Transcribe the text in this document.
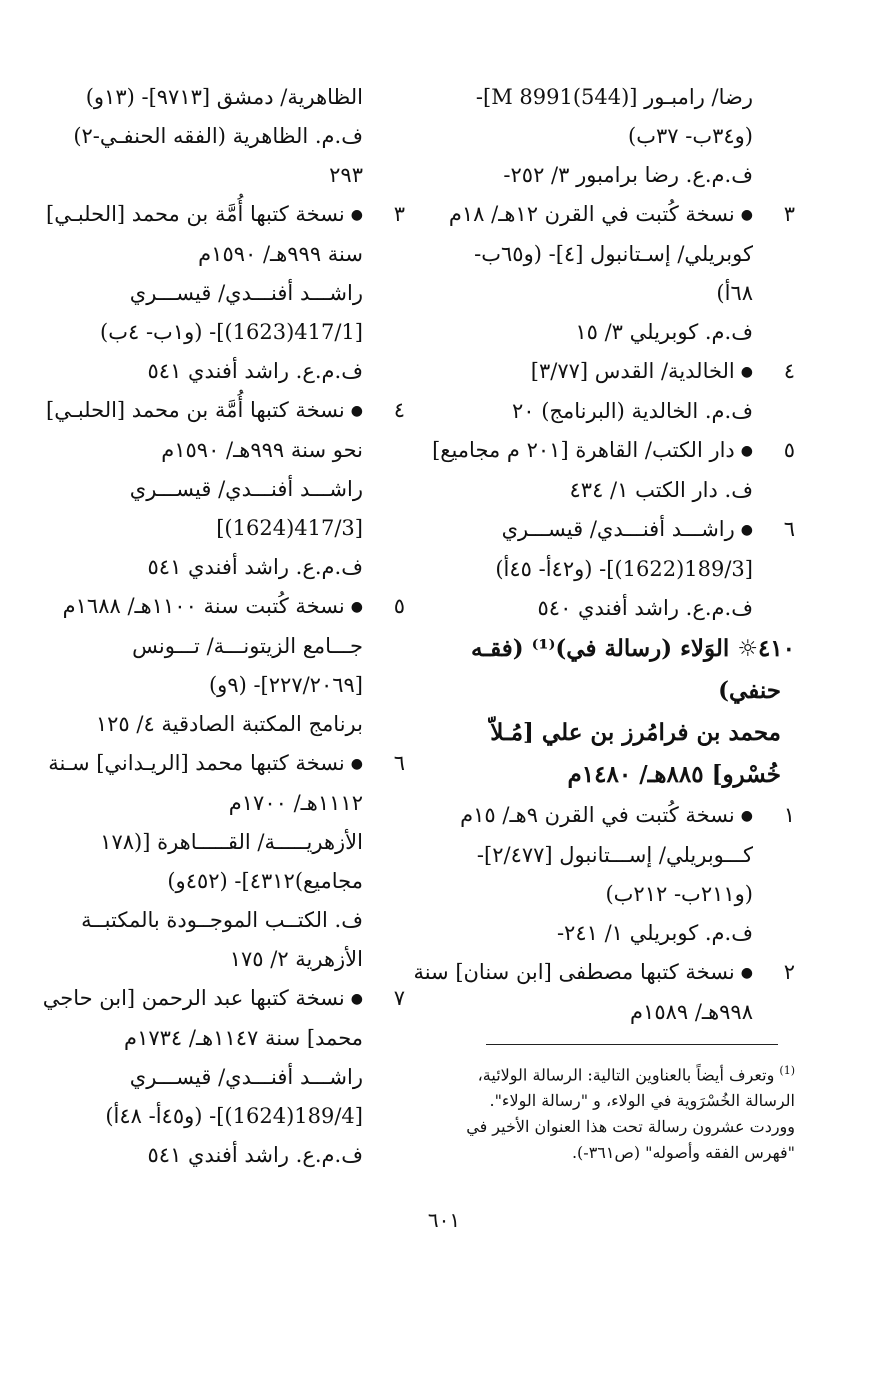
رضا/ رامبـور [M 8991(544)]-
(و٣٤ب- ٣٧ب)
ف.م.ع. رضا برامبور ٣/ ٢٥٢-
٣●نسخة كُتبت في القرن ١٢هـ/ ١٨م
كوبريلي/ إسـتانبول [٤]- (و٦٥ب-
٦٨أ)
ف.م. كوبريلي ٣/ ١٥
٤●الخالدية/ القدس [٣/٧٧]
ف.م. الخالدية (البرنامج) ٢٠
٥●دار الكتب/ القاهرة [٢٠١ م مجاميع]
ف. دار الكتب ١/ ٤٣٤
٦●راشـــد أفنـــدي/ قيســـري
[189/3(1622)]- (و٤٢أ- ٤٥أ)
ف.م.ع. راشد أفندي ٥٤٠
٤١٠☼ الوَلاء (رسالة في)⁽¹⁾ (فقـه
حنفي)
محمد بن فرامُرز بن علي [مُـلاّ
خُسْرو] ٨٨٥هـ/ ١٤٨٠م
١●نسخة كُتبت في القرن ٩هـ/ ١٥م
كـــوبريلي/ إســـتانبول [٢/٤٧٧]-
(و٢١١ب- ٢١٢ب)
ف.م. كوبريلي ١/ ٢٤١-
٢●نسخة كتبها مصطفى [ابن سنان] سنة
٩٩٨هـ/ ١٥٨٩م
الظاهرية/ دمشق [٩٧١٣]- (١٣و)
ف.م. الظاهرية (الفقه الحنفـي-٢)
٢٩٣
٣●نسخة كتبها أُمَّة بن محمد [الحلبـي]
سنة ٩٩٩هـ/ ١٥٩٠م
راشـــد أفنـــدي/ قيســـري
[417/1(1623)]- (و١ب- ٤ب)
ف.م.ع. راشد أفندي ٥٤١
٤●نسخة كتبها أُمَّة بن محمد [الحلبـي]
نحو سنة ٩٩٩هـ/ ١٥٩٠م
راشـــد أفنـــدي/ قيســـري
[417/3(1624)]
ف.م.ع. راشد أفندي ٥٤١
٥●نسخة كُتبت سنة ١١٠٠هـ/ ١٦٨٨م
جـــامع الزيتونـــة/ تـــونس
[٢٢٧/٢٠٦٩]- (٩و)
برنامج المكتبة الصادقية ٤/ ١٢٥
٦●نسخة كتبها محمد [الريـداني] سـنة
١١١٢هـ/ ١٧٠٠م
الأزهريـــــة/ القـــــاهرة [(١٧٨
مجاميع)٤٣١٢]- (٤٥٢و)
ف. الكتــب الموجــودة بالمكتبــة
الأزهرية ٢/ ١٧٥
٧●نسخة كتبها عبد الرحمن [ابن حاجي
محمد] سنة ١١٤٧هـ/ ١٧٣٤م
راشـــد أفنـــدي/ قيســـري
[189/4(1624)]- (و٤٥أ- ٤٨أ)
ف.م.ع. راشد أفندي ٥٤١
$^{(1)}$ وتعرف أيضاً بالعناوين التالية: الرسالة الولائية،
الرسالة الخُسْرَوية في الولاء، و "رسالة الولاء".
ووردت عشرون رسالة تحت هذا العنوان الأخير في
"فهرس الفقه وأصوله" (ص٣٦١-).
٦٠١
